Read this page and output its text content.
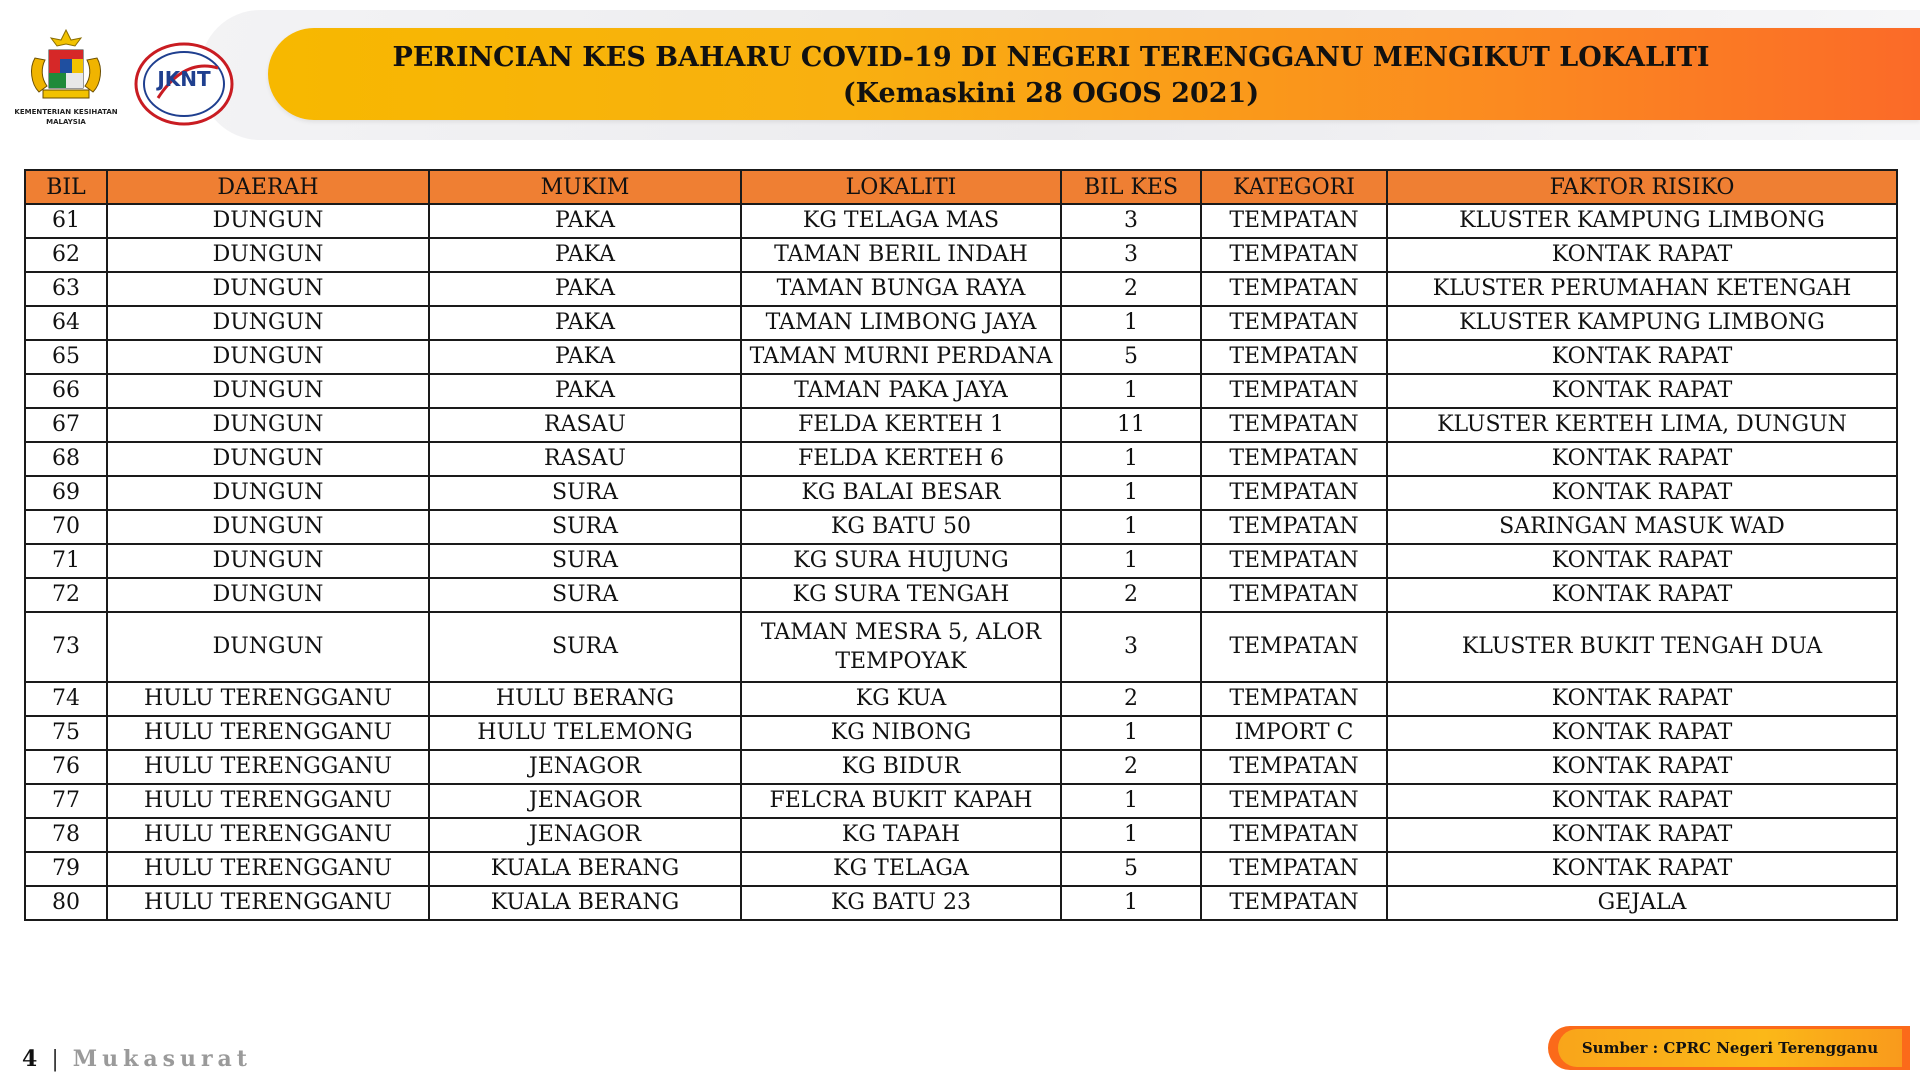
KEMENTERIAN KESIHATAN
MALAYSIA
JKNT
PERINCIAN KES BAHARU COVID-19 DI NEGERI TERENGGANU MENGIKUT LOKALITI
(Kemaskini 28 OGOS 2021)
BIL	DAERAH	MUKIM	LOKALITI	BIL KES	KATEGORI	FAKTOR RISIKO
61	DUNGUN	PAKA	KG TELAGA MAS	3	TEMPATAN	KLUSTER KAMPUNG LIMBONG
62	DUNGUN	PAKA	TAMAN BERIL INDAH	3	TEMPATAN	KONTAK RAPAT
63	DUNGUN	PAKA	TAMAN BUNGA RAYA	2	TEMPATAN	KLUSTER PERUMAHAN KETENGAH
64	DUNGUN	PAKA	TAMAN LIMBONG JAYA	1	TEMPATAN	KLUSTER KAMPUNG LIMBONG
65	DUNGUN	PAKA	TAMAN MURNI PERDANA	5	TEMPATAN	KONTAK RAPAT
66	DUNGUN	PAKA	TAMAN PAKA JAYA	1	TEMPATAN	KONTAK RAPAT
67	DUNGUN	RASAU	FELDA KERTEH 1	11	TEMPATAN	KLUSTER KERTEH LIMA, DUNGUN
68	DUNGUN	RASAU	FELDA KERTEH 6	1	TEMPATAN	KONTAK RAPAT
69	DUNGUN	SURA	KG BALAI BESAR	1	TEMPATAN	KONTAK RAPAT
70	DUNGUN	SURA	KG BATU 50	1	TEMPATAN	SARINGAN MASUK WAD
71	DUNGUN	SURA	KG SURA HUJUNG	1	TEMPATAN	KONTAK RAPAT
72	DUNGUN	SURA	KG SURA TENGAH	2	TEMPATAN	KONTAK RAPAT
73	DUNGUN	SURA	TAMAN MESRA 5, ALOR TEMPOYAK	3	TEMPATAN	KLUSTER BUKIT TENGAH DUA
74	HULU TERENGGANU	HULU BERANG	KG KUA	2	TEMPATAN	KONTAK RAPAT
75	HULU TERENGGANU	HULU TELEMONG	KG NIBONG	1	IMPORT C	KONTAK RAPAT
76	HULU TERENGGANU	JENAGOR	KG BIDUR	2	TEMPATAN	KONTAK RAPAT
77	HULU TERENGGANU	JENAGOR	FELCRA BUKIT KAPAH	1	TEMPATAN	KONTAK RAPAT
78	HULU TERENGGANU	JENAGOR	KG TAPAH	1	TEMPATAN	KONTAK RAPAT
79	HULU TERENGGANU	KUALA BERANG	KG TELAGA	5	TEMPATAN	KONTAK RAPAT
80	HULU TERENGGANU	KUALA BERANG	KG BATU 23	1	TEMPATAN	GEJALA
4 | Mukasurat	Sumber : CPRC Negeri Terengganu
